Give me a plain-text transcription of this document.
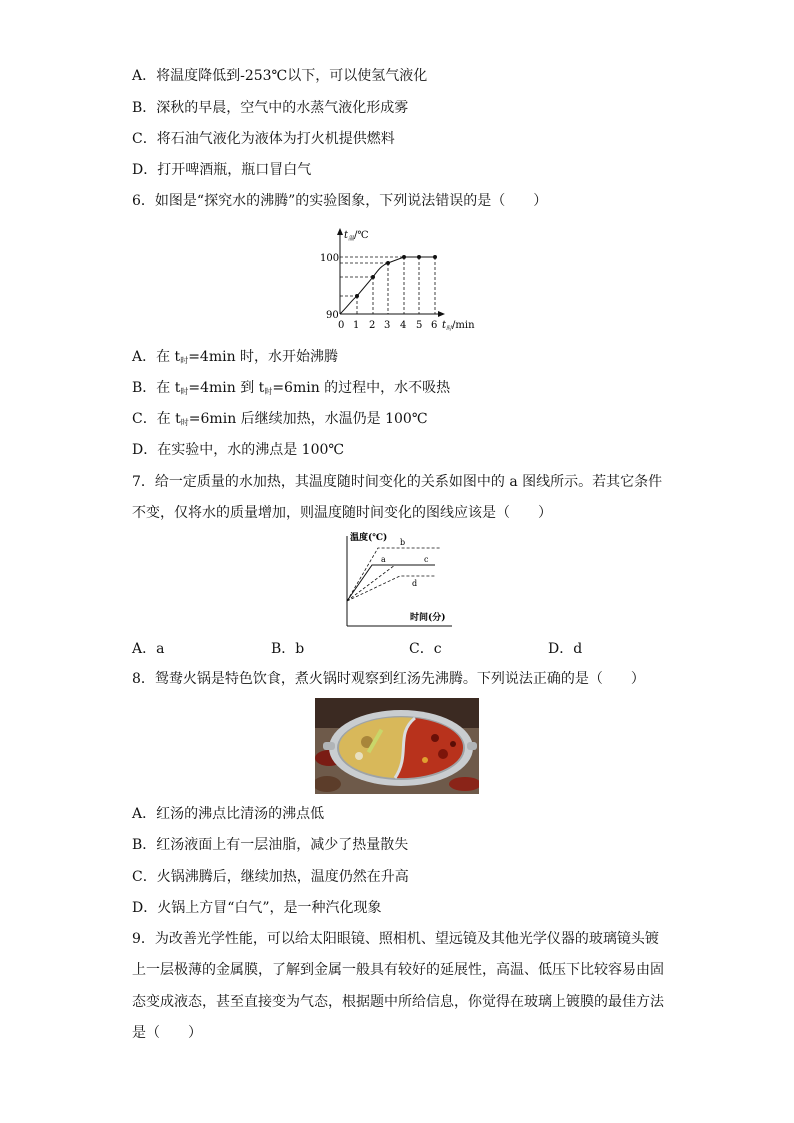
A．将温度降低到-253℃以下，可以使氢气液化
B．深秋的早晨，空气中的水蒸气液化形成雾
C．将石油气液化为液体为打火机提供燃料
D．打开啤酒瓶，瓶口冒白气
6．如图是“探究水的沸腾”的实验图象，下列说法错误的是（　　）
$t_温/℃$
$t_时/\min$
100
90
0 1 2 3 4 5 6
A．在 $t_时=4\min$ 时，水开始沸腾
B．在 $t_时=4\min$ 到 $t_时=6\min$ 的过程中，水不吸热
C．在 $t_时=6\min$ 后继续加热，水温仍是 100℃
D．在实验中，水的沸点是 100℃
7．给一定质量的水加热，其温度随时间变化的关系如图中的 a 图线所示。若其它条件
不变，仅将水的质量增加，则温度随时间变化的图线应该是（　　）
温度(℃)
时间(分)
b
a	c
d
A．a	B．b	C．c	D．d
8．鸳鸯火锅是特色饮食，煮火锅时观察到红汤先沸腾。下列说法正确的是（　　）
A．红汤的沸点比清汤的沸点低
B．红汤液面上有一层油脂，减少了热量散失
C．火锅沸腾后，继续加热，温度仍然在升高
D．火锅上方冒“白气”，是一种汽化现象
9．为改善光学性能，可以给太阳眼镜、照相机、望远镜及其他光学仪器的玻璃镜头镀
上一层极薄的金属膜，了解到金属一般具有较好的延展性，高温、低压下比较容易由固
态变成液态，甚至直接变为气态，根据题中所给信息，你觉得在玻璃上镀膜的最佳方法
是（　　）
